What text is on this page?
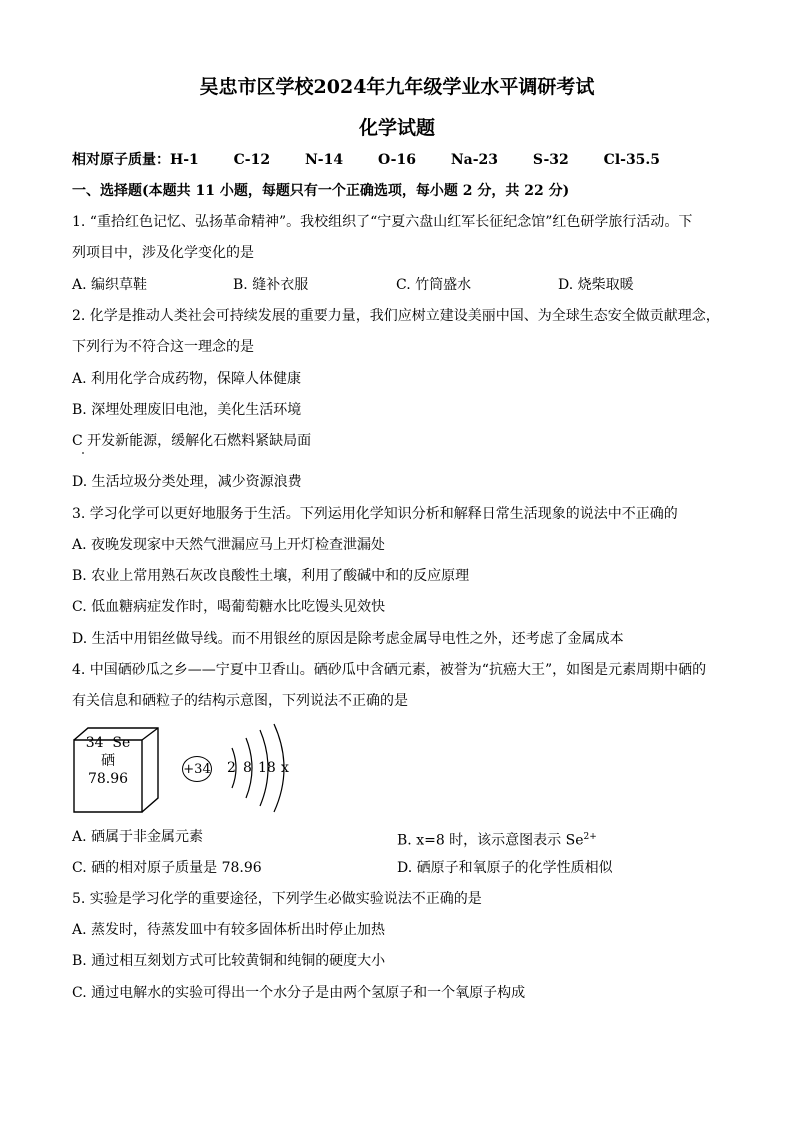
吴忠市区学校2024年九年级学业水平调研考试
化学试题
相对原子质量：H-1 C-12 N-14 O-16 Na-23 S-32 Cl-35.5
一、选择题(本题共 11 小题，每题只有一个正确选项，每小题 2 分，共 22 分)
1. “重拾红色记忆、弘扬革命精神”。我校组织了“宁夏六盘山红军长征纪念馆”红色研学旅行活动。下
列项目中，涉及化学变化的是
A. 编织草鞋	B. 缝补衣服	C. 竹筒盛水	D. 烧柴取暖
2. 化学是推动人类社会可持续发展的重要力量，我们应树立建设美丽中国、为全球生态安全做贡献理念，
下列行为不符合这一理念的是
A. 利用化学合成药物，保障人体健康
B. 深埋处理废旧电池，美化生活环境
C 开发新能源，缓解化石燃料紧缺局面
D. 生活垃圾分类处理，减少资源浪费
3. 学习化学可以更好地服务于生活。下列运用化学知识分析和解释日常生活现象的说法中不正确的
A. 夜晚发现家中天然气泄漏应马上开灯检查泄漏处
B. 农业上常用熟石灰改良酸性土壤，利用了酸碱中和的反应原理
C. 低血糖病症发作时，喝葡萄糖水比吃馒头见效快
D. 生活中用铝丝做导线。而不用银丝的原因是除考虑金属导电性之外，还考虑了金属成本
4. 中国硒砂瓜之乡——宁夏中卫香山。硒砂瓜中含硒元素，被誉为“抗癌大王”，如图是元素周期中硒的
有关信息和硒粒子的结构示意图，下列说法不正确的是
34 Se
硒
78.96
+34 2 8 18 x
A. 硒属于非金属元素	B. x=8 时，该示意图表示 $Se^{2+}$
C. 硒的相对原子质量是 78.96	D. 硒原子和氧原子的化学性质相似
5. 实验是学习化学的重要途径，下列学生必做实验说法不正确的是
A. 蒸发时，待蒸发皿中有较多固体析出时停止加热
B. 通过相互刻划方式可比较黄铜和纯铜的硬度大小
C. 通过电解水的实验可得出一个水分子是由两个氢原子和一个氧原子构成
